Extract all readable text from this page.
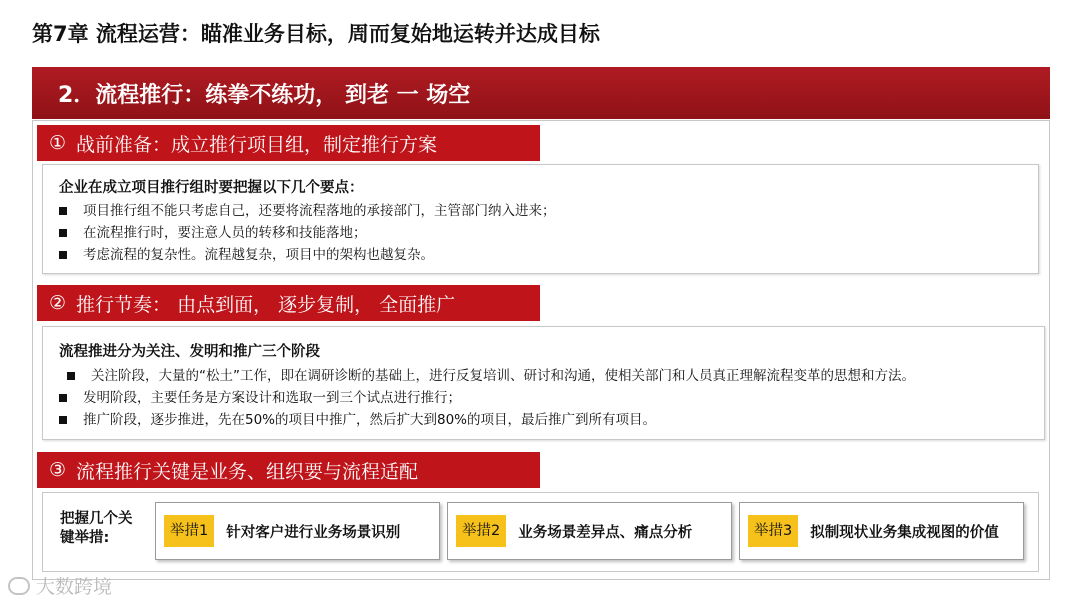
第7章 流程运营：瞄准业务目标，周而复始地运转并达成目标
2．流程推行：练拳不练功， 到老 一 场空
① 战前准备：成立推行项目组，制定推行方案
企业在成立项目推行组时要把握以下几个要点：
项目推行组不能只考虑自己，还要将流程落地的承接部门，主管部门纳入进来；
在流程推行时，要注意人员的转移和技能落地；
考虑流程的复杂性。流程越复杂，项目中的架构也越复杂。
② 推行节奏： 由点到面， 逐步复制， 全面推广
流程推进分为关注、发明和推广三个阶段
关注阶段，大量的“松土”工作，即在调研诊断的基础上，进行反复培训、研讨和沟通，使相关部门和人员真正理解流程变革的思想和方法。
发明阶段，主要任务是方案设计和选取一到三个试点进行推行；
推广阶段，逐步推进，先在50%的项目中推广，然后扩大到80%的项目，最后推广到所有项目。
③ 流程推行关键是业务、组织要与流程适配
把握几个关键举措:	举措1	针对客户进行业务场景识别	举措2	业务场景差异点、痛点分析	举措3	拟制现状业务集成视图的价值
大数跨境
